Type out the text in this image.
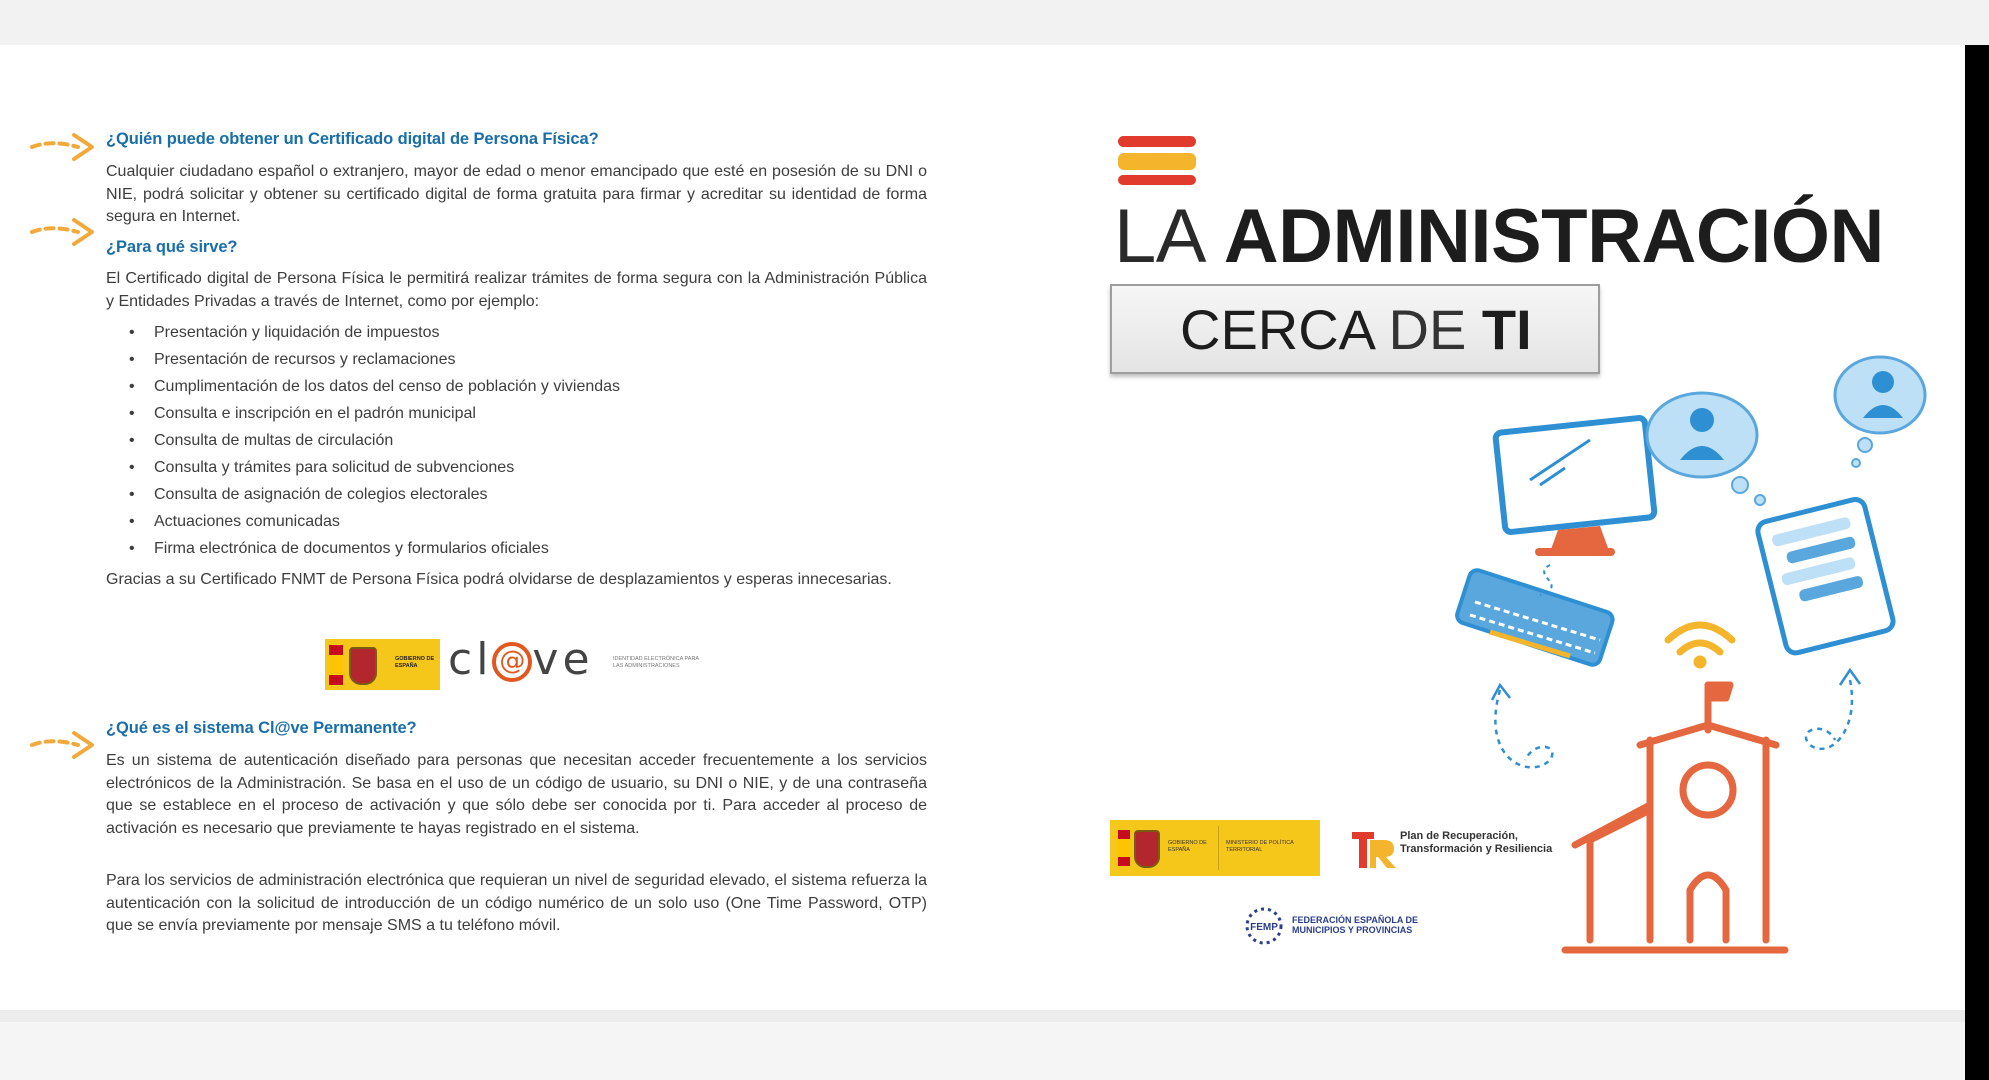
¿Quién puede obtener un Certificado digital de Persona Física?
Cualquier ciudadano español o extranjero, mayor de edad o menor emancipado que esté en posesión de su DNI o NIE, podrá solicitar y obtener su certificado digital de forma gratuita para firmar y acreditar su identidad de forma segura en Internet.
¿Para qué sirve?
El Certificado digital de Persona Física le permitirá realizar trámites de forma segura con la Administración Pública y Entidades Privadas a través de Internet, como por ejemplo:
• Presentación y liquidación de impuestos
• Presentación de recursos y reclamaciones
• Cumplimentación de los datos del censo de población y viviendas
• Consulta e inscripción en el padrón municipal
• Consulta de multas de circulación
• Consulta y trámites para solicitud de subvenciones
• Consulta de asignación de colegios electorales
• Actuaciones comunicadas
• Firma electrónica de documentos y formularios oficiales
Gracias a su Certificado FNMT de Persona Física podrá olvidarse de desplazamientos y esperas innecesarias.
GOBIERNO DE ESPAÑA cl @ ve	IDENTIDAD ELECTRÓNICA PARA LAS ADMINISTRACIONES
¿Qué es el sistema Cl@ve Permanente?
Es un sistema de autenticación diseñado para personas que necesitan acceder frecuentemente a los servicios electrónicos de la Administración. Se basa en el uso de un código de usuario, su DNI o NIE, y de una contraseña que se establece en el proceso de activación y que sólo debe ser conocida por ti. Para acceder al proceso de activación es necesario que previamente te hayas registrado en el sistema.
Para los servicios de administración electrónica que requieran un nivel de seguridad elevado, el sistema refuerza la autenticación con la solicitud de introducción de un código numérico de un solo uso (One Time Password, OTP) que se envía previamente por mensaje SMS a tu teléfono móvil.
LA ADMINISTRACIÓN
CERCA DE TI
GOBIERNO DE ESPAÑA
MINISTERIO DE POLÍTICA TERRITORIAL
Plan de Recuperación, Transformación y Resiliencia
FEMP
FEDERACIÓN ESPAÑOLA DE MUNICIPIOS Y PROVINCIAS
